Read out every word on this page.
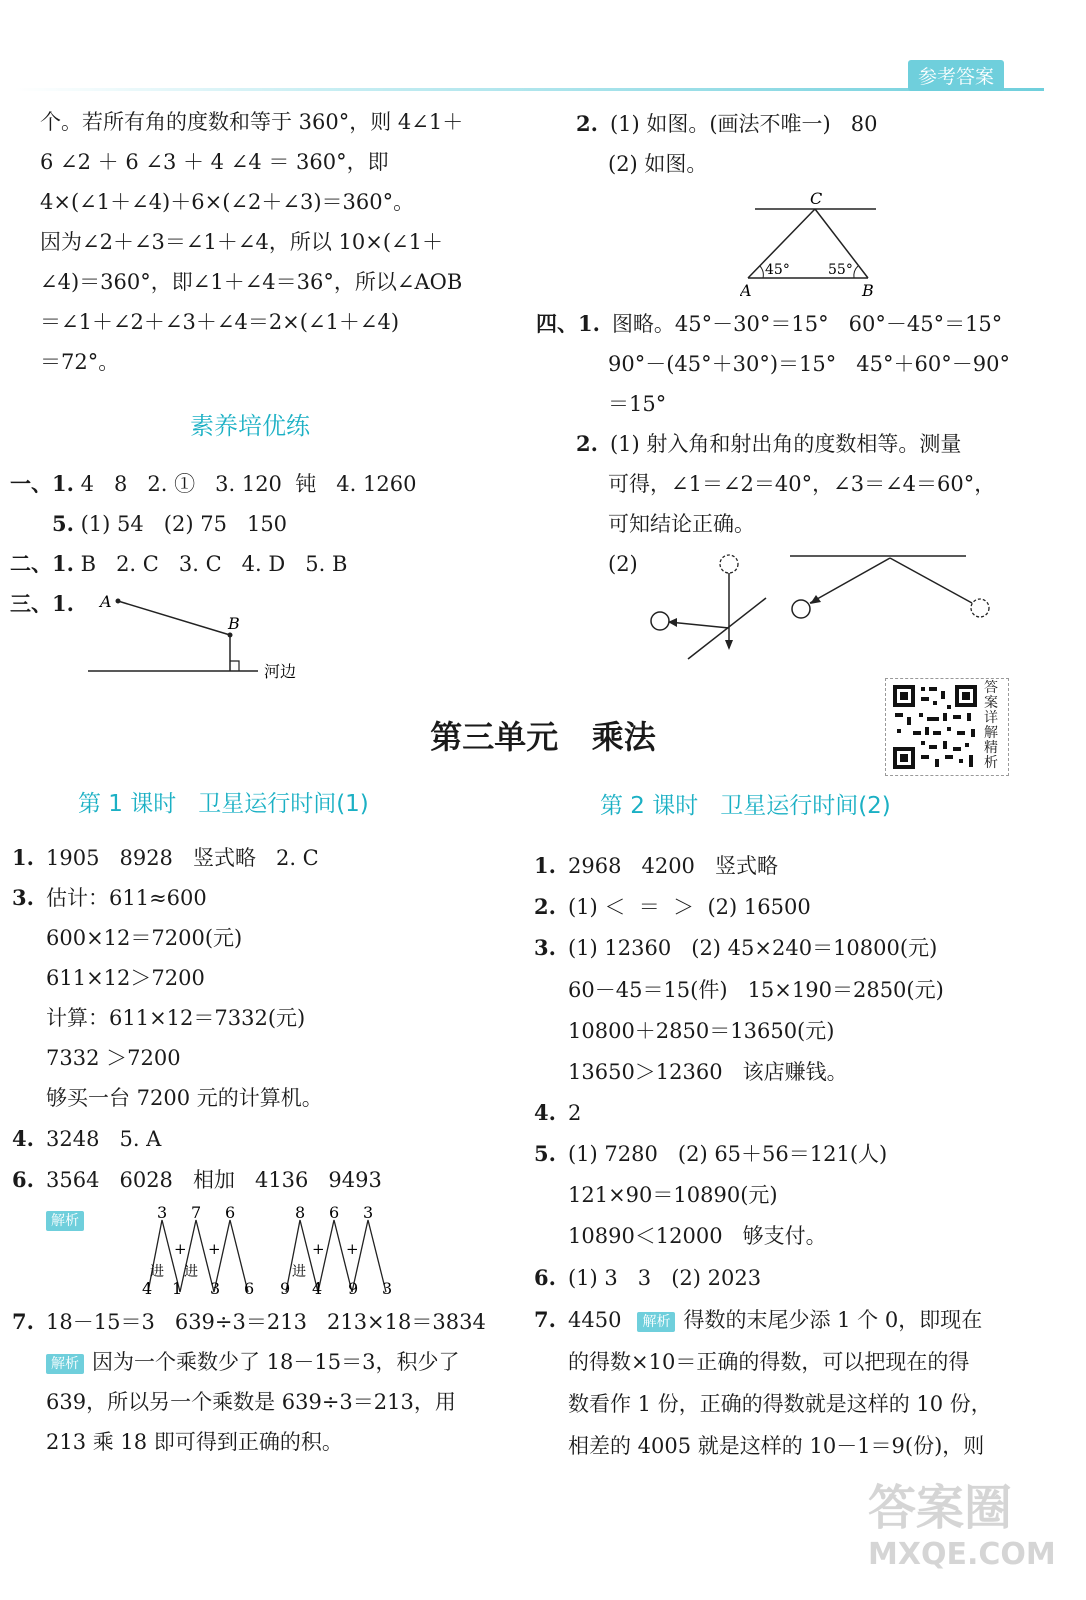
参考答案
个。若所有角的度数和等于 360°，则 4∠1＋
6 ∠2 ＋ 6 ∠3 ＋ 4 ∠4 ＝ 360°，即
4×(∠1＋∠4)＋6×(∠2＋∠3)＝360°。
因为∠2＋∠3＝∠1＋∠4，所以 10×(∠1＋
∠4)＝360°，即∠1＋∠4＝36°，所以∠AOB
＝∠1＋∠2＋∠3＋∠4＝2×(∠1＋∠4)
＝72°。
素养培优练
一、1. 4   8   2. ①   3. 120  钝   4. 1260
5. (1) 54   (2) 75   150
二、1. B   2. C   3. C   4. D   5. B
三、1. A
B
河边
2. (1) 如图。(画法不唯一)   80
(2) 如图。
C
A	B
45°	55°
四、1. 图略。45°－30°＝15°   60°－45°＝15°
90°－(45°＋30°)＝15°   45°＋60°－90°
＝15°
2. (1) 射入角和射出角的度数相等。测量
可得，∠1＝∠2＝40°，∠3＝∠4＝60°，
可知结论正确。
(2)
答案详解精析
第三单元   乘法
第 1 课时   卫星运行时间(1)
1. 1905   8928   竖式略   2. C
3. 估计：611≈600
600×12＝7200(元)
611×12＞7200
计算：611×12＝7332(元)
7332 ＞7200
够买一台 7200 元的计算机。
4. 3248   5. A
6. 3564   6028   相加   4136   9493
解析	3 7 6
+ +
进 进
4 1 3 6
8 6 3
+ +
进
9 4 9 3
7. 18－15＝3   639÷3＝213   213×18＝3834
解析 因为一个乘数少了 18－15＝3，积少了
639，所以另一个乘数是 639÷3＝213，用
213 乘 18 即可得到正确的积。
第 2 课时   卫星运行时间(2)
1. 2968   4200   竖式略
2. (1) ＜  ＝  ＞  (2) 16500
3. (1) 12360   (2) 45×240＝10800(元)
60－45＝15(件)   15×190＝2850(元)
10800＋2850＝13650(元)
13650＞12360   该店赚钱。
4. 2
5. (1) 7280   (2) 65＋56＝121(人)
121×90＝10890(元)
10890＜12000   够支付。
6. (1) 3   3   (2) 2023
7. 4450 解析 得数的末尾少添 1 个 0，即现在
的得数×10＝正确的得数，可以把现在的得
数看作 1 份，正确的得数就是这样的 10 份，
相差的 4005 就是这样的 10－1＝9(份)，则
答案圈
MXQE.COM
